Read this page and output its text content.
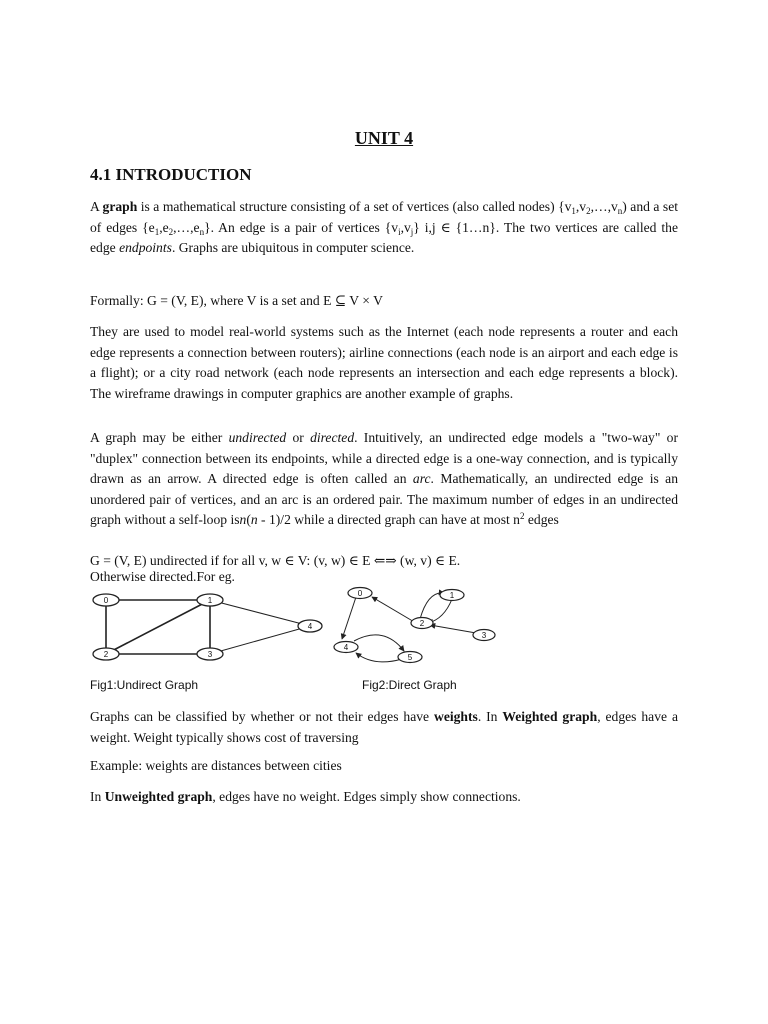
UNIT 4
4.1 INTRODUCTION

A graph is a mathematical structure consisting of a set of vertices (also called nodes) $\{v_1,v_2,\dots,v_n)$ and a set of edges $\{e_1,e_2,\dots,e_n\}$. An edge is a pair of vertices $\{v_i,v_j\}$ i,j ∈ {1…n}. The two vertices are called the edge endpoints. Graphs are ubiquitous in computer science.

Formally: G = (V, E), where V is a set and E ⊆ V × V

They are used to model real-world systems such as the Internet (each node represents a router and each edge represents a connection between routers); airline connections (each node is an airport and each edge is a flight); or a city road network (each node represents an intersection and each edge represents a block). The wireframe drawings in computer graphics are another example of graphs.

A graph may be either undirected or directed. Intuitively, an undirected edge models a "two-way" or "duplex" connection between its endpoints, while a directed edge is a one-way connection, and is typically drawn as an arrow. A directed edge is often called an arc. Mathematically, an undirected edge is an unordered pair of vertices, and an arc is an ordered pair. The maximum number of edges in an undirected graph without a self-loop isn(n - 1)/2 while a directed graph can have at most $n^2$ edges

G = (V, E) undirected if for all v, w ∈ V: (v, w) ∈ E ⇐⇒ (w, v) ∈ E.
Otherwise directed.For eg.
0	1
2	3
4
0	1
2
3
4
5
Fig1:Undirect Graph	Fig2:Direct Graph

Graphs can be classified by whether or not their edges have weights. In Weighted graph, edges have a weight. Weight typically shows cost of traversing

Example: weights are distances between cities

In Unweighted graph, edges have no weight. Edges simply show connections.
